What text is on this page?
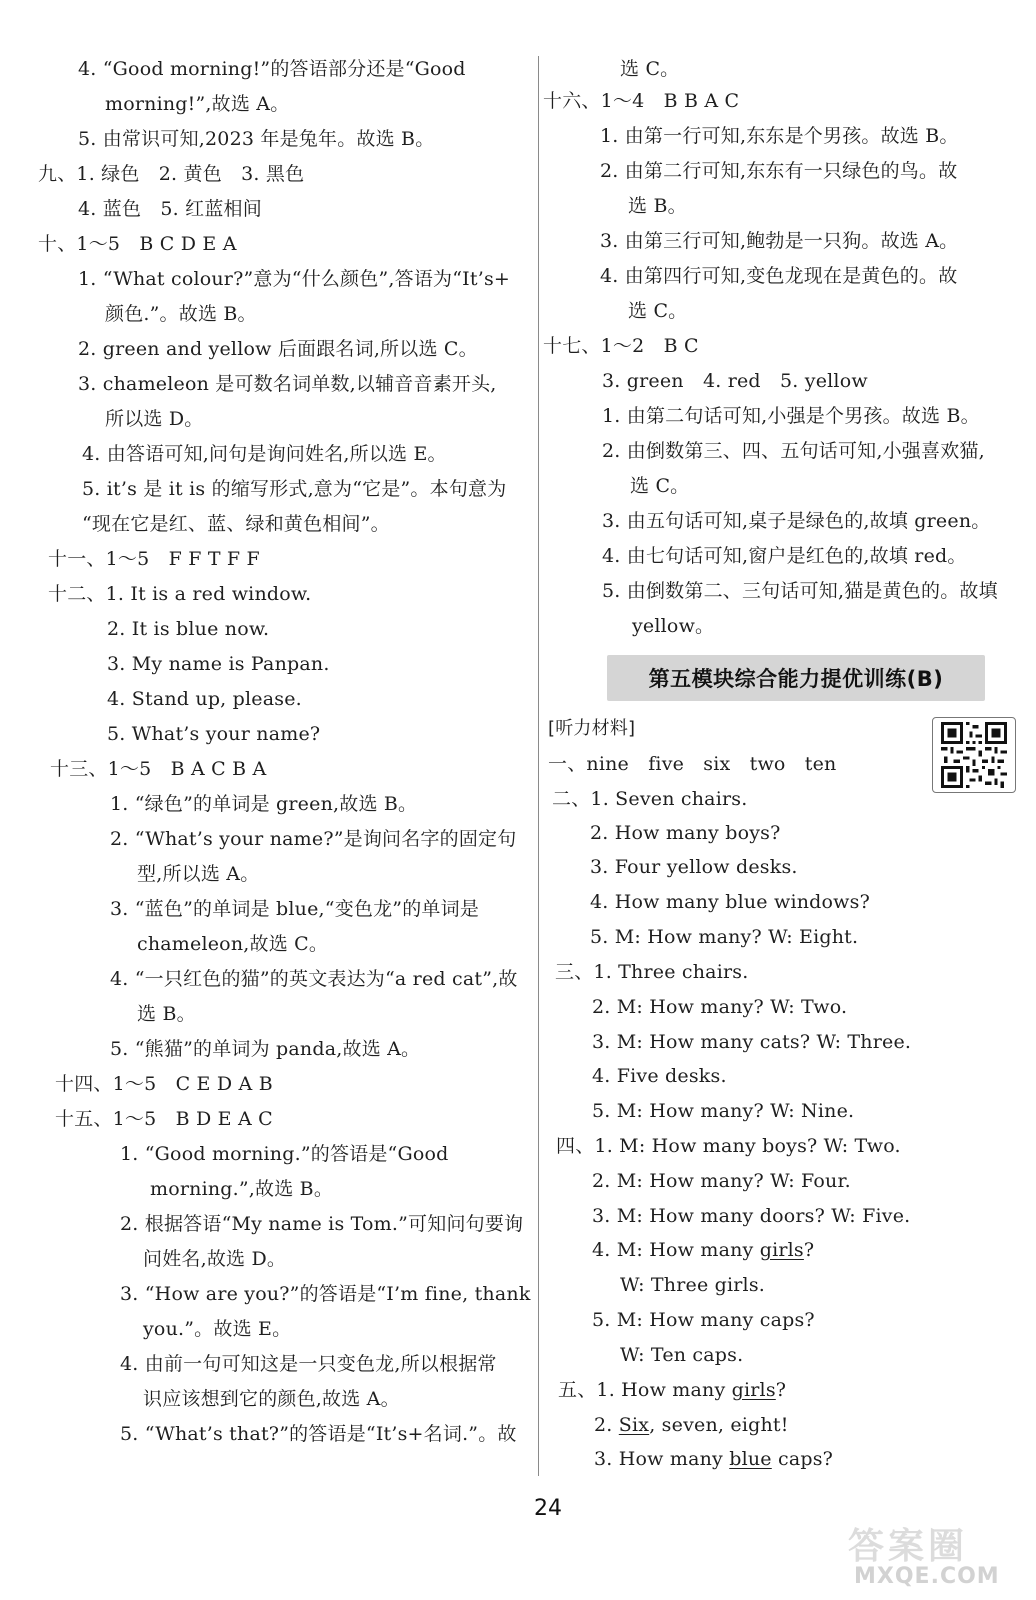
4. “Good morning!”的答语部分还是“Good
morning!”,故选 A。
5. 由常识可知,2023 年是兔年。故选 B。
九、1. 绿色　2. 黄色　3. 黑色
4. 蓝色　5. 红蓝相间
十、1～5　B C D E A
1. “What colour?”意为“什么颜色”,答语为“It’s+
颜色.”。故选 B。
2. green and yellow 后面跟名词,所以选 C。
3. chameleon 是可数名词单数,以辅音音素开头,
所以选 D。
4. 由答语可知,问句是询问姓名,所以选 E。
5. it’s 是 it is 的缩写形式,意为“它是”。本句意为
“现在它是红、蓝、绿和黄色相间”。
十一、1～5　F F T F F
十二、1. It is a red window.
2. It is blue now.
3. My name is Panpan.
4. Stand up, please.
5. What’s your name?
十三、1～5　B A C B A
1. “绿色”的单词是 green,故选 B。
2. “What’s your name?”是询问名字的固定句
型,所以选 A。
3. “蓝色”的单词是 blue,“变色龙”的单词是
chameleon,故选 C。
4. “一只红色的猫”的英文表达为“a red cat”,故
选 B。
5. “熊猫”的单词为 panda,故选 A。
十四、1～5　C E D A B
十五、1～5　B D E A C
1. “Good morning.”的答语是“Good
morning.”,故选 B。
2. 根据答语“My name is Tom.”可知问句要询
问姓名,故选 D。
3. “How are you?”的答语是“I’m fine, thank
you.”。故选 E。
4. 由前一句可知这是一只变色龙,所以根据常
识应该想到它的颜色,故选 A。
5. “What’s that?”的答语是“It’s+名词.”。故
选 C。
十六、1～4　B B A C
1. 由第一行可知,东东是个男孩。故选 B。
2. 由第二行可知,东东有一只绿色的鸟。故
选 B。
3. 由第三行可知,鲍勃是一只狗。故选 A。
4. 由第四行可知,变色龙现在是黄色的。故
选 C。
十七、1～2　B C
3. green　4. red　5. yellow
1. 由第二句话可知,小强是个男孩。故选 B。
2. 由倒数第三、四、五句话可知,小强喜欢猫,
选 C。
3. 由五句话可知,桌子是绿色的,故填 green。
4. 由七句话可知,窗户是红色的,故填 red。
5. 由倒数第二、三句话可知,猫是黄色的。故填
yellow。
一、nine　five　six　two　ten
二、1. Seven chairs.
2. How many boys?
3. Four yellow desks.
4. How many blue windows?
5. M: How many? W: Eight.
三、1. Three chairs.
2. M: How many? W: Two.
3. M: How many cats? W: Three.
4. Five desks.
5. M: How many? W: Nine.
四、1. M: How many boys? W: Two.
2. M: How many? W: Four.
3. M: How many doors? W: Five.
4. M: How many girls?
W: Three girls.
5. M: How many caps?
W: Ten caps.
五、1. How many girls?
2. Six, seven, eight!
3. How many blue caps?
第五模块综合能力提优训练(B)
[听力材料]
24
答案圈
MXQE.COM
